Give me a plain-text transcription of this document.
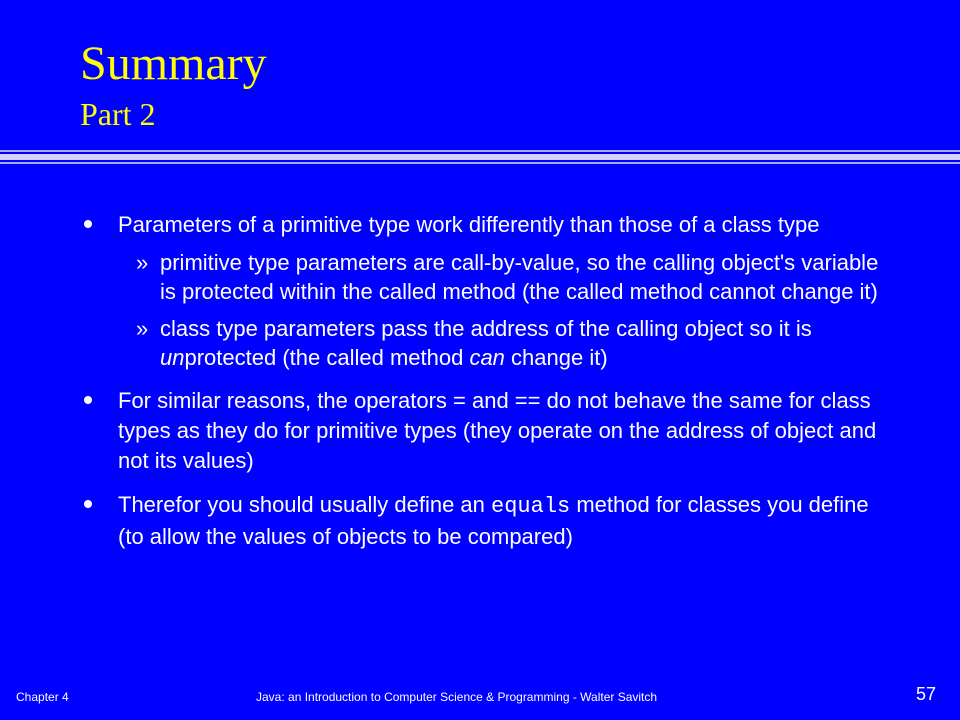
Summary
Part 2
Parameters of a primitive type work differently than those of a class type
» primitive type parameters are call-by-value, so the calling object's variable is protected within the called method (the called method cannot change it)
» class type parameters pass the address of the calling object so it is unprotected (the called method can change it)
For similar reasons, the operators = and == do not behave the same for class types as they do for primitive types (they operate on the address of object and not its values)
Therefor you should usually define an equals method for classes you define (to allow the values of objects to be compared)
Chapter 4	Java: an Introduction to Computer Science & Programming - Walter Savitch	57
